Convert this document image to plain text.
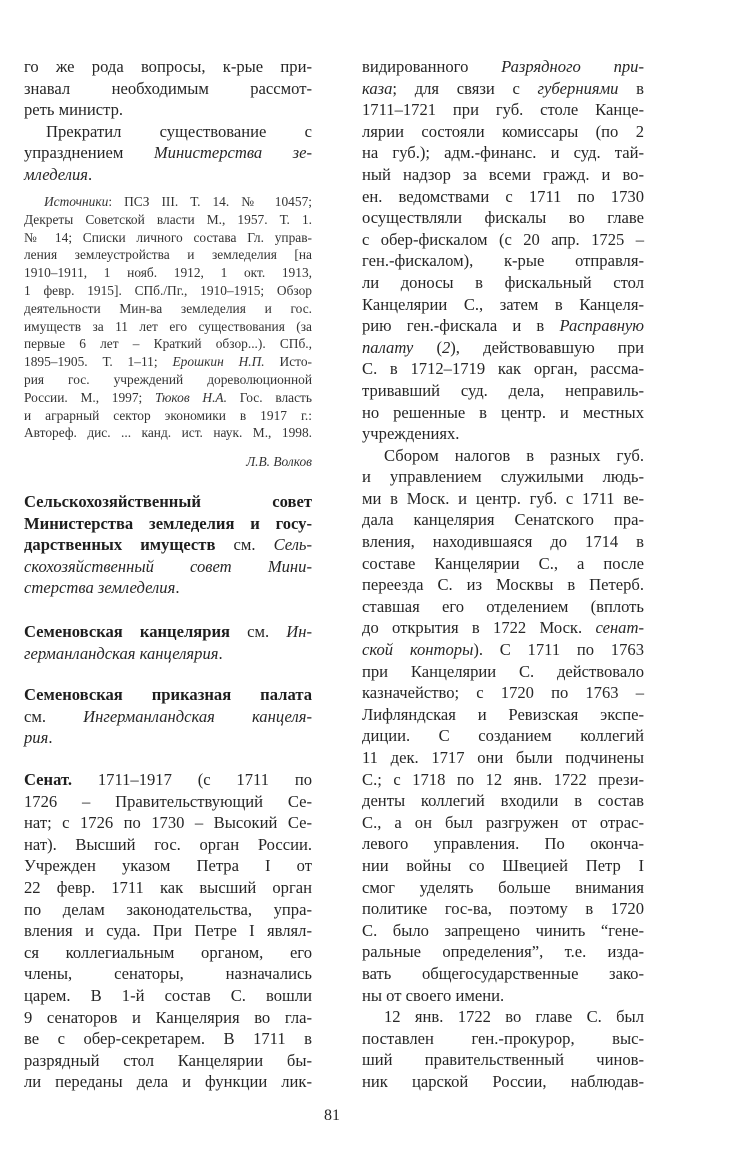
го же рода вопросы, к-рые при-
знавал необходимым рассмот-
реть министр.
Прекратил существование с
упразднением Министерства зе-
мледелия.
Источники: ПСЗ III. Т. 14. № 10457;
Декреты Советской власти М., 1957. Т. 1.
№ 14; Списки личного состава Гл. управ-
ления землеустройства и земледелия [на
1910–1911, 1 нояб. 1912, 1 окт. 1913,
1 февр. 1915]. СПб./Пг., 1910–1915; Обзор
деятельности Мин-ва земледелия и гос.
имуществ за 11 лет его существования (за
первые 6 лет – Краткий обзор...). СПб.,
1895–1905. Т. 1–11; Ерошкин Н.П. Исто-
рия гос. учреждений дореволюционной
России. М., 1997; Тюков Н.А. Гос. власть
и аграрный сектор экономики в 1917 г.:
Автореф. дис. ... канд. ист. наук. М., 1998.
Л.В. Волков
Сельскохозяйственный совет
Министерства земледелия и госу-
дарственных имуществ см. Сель-
скохозяйственный совет Мини-
стерства земледелия.
Семеновская канцелярия см. Ин-
германландская канцелярия.
Семеновская приказная палата
см. Ингерманландская канцеля-
рия.
Сенат. 1711–1917 (с 1711 по
1726 – Правительствующий Се-
нат; с 1726 по 1730 – Высокий Се-
нат). Высший гос. орган России.
Учрежден указом Петра I от
22 февр. 1711 как высший орган
по делам законодательства, упра-
вления и суда. При Петре I являл-
ся коллегиальным органом, его
члены, сенаторы, назначались
царем. В 1-й состав С. вошли
9 сенаторов и Канцелярия во гла-
ве с обер-секретарем. В 1711 в
разрядный стол Канцелярии бы-
ли переданы дела и функции лик-
видированного Разрядного при-
каза; для связи с губерниями в
1711–1721 при губ. столе Канце-
лярии состояли комиссары (по 2
на губ.); адм.-финанс. и суд. тай-
ный надзор за всеми гражд. и во-
ен. ведомствами с 1711 по 1730
осуществляли фискалы во главе
с обер-фискалом (с 20 апр. 1725 –
ген.-фискалом), к-рые отправля-
ли доносы в фискальный стол
Канцелярии С., затем в Канцеля-
рию ген.-фискала и в Расправную
палату (2), действовавшую при
С. в 1712–1719 как орган, рассма-
тривавший суд. дела, неправиль-
но решенные в центр. и местных
учреждениях.
Сбором налогов в разных губ.
и управлением служилыми людь-
ми в Моск. и центр. губ. с 1711 ве-
дала канцелярия Сенатского пра-
вления, находившаяся до 1714 в
составе Канцелярии С., а после
переезда С. из Москвы в Петерб.
ставшая его отделением (вплоть
до открытия в 1722 Моск. сенат-
ской конторы). С 1711 по 1763
при Канцелярии С. действовало
казначейство; с 1720 по 1763 –
Лифляндская и Ревизская экспе-
диции. С созданием коллегий
11 дек. 1717 они были подчинены
С.; с 1718 по 12 янв. 1722 прези-
денты коллегий входили в состав
С., а он был разгружен от отрас-
левого управления. По оконча-
нии войны со Швецией Петр I
смог уделять больше внимания
политике гос-ва, поэтому в 1720
С. было запрещено чинить “гене-
ральные определения”, т.е. изда-
вать общегосударственные зако-
ны от своего имени.
12 янв. 1722 во главе С. был
поставлен ген.-прокурор, выс-
ший правительственный чинов-
ник царской России, наблюдав-
81
